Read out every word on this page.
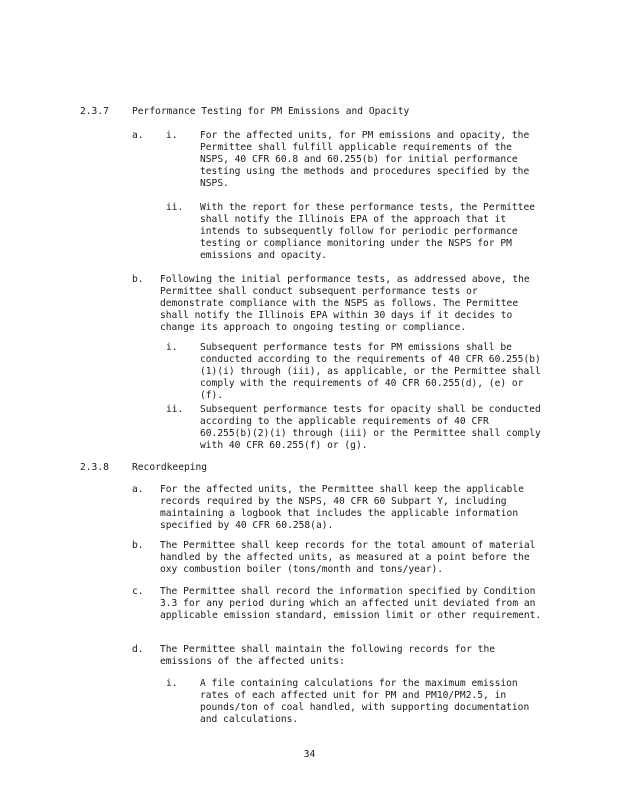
2.3.7 Performance Testing for PM Emissions and Opacity
a. i. For the affected units, for PM emissions and opacity, the Permittee shall fulfill applicable requirements of the NSPS, 40 CFR 60.8 and 60.255(b) for initial performance testing using the methods and procedures specified by the NSPS.
ii. With the report for these performance tests, the Permittee shall notify the Illinois EPA of the approach that it intends to subsequently follow for periodic performance testing or compliance monitoring under the NSPS for PM emissions and opacity.
b. Following the initial performance tests, as addressed above, the Permittee shall conduct subsequent performance tests or demonstrate compliance with the NSPS as follows. The Permittee shall notify the Illinois EPA within 30 days if it decides to change its approach to ongoing testing or compliance.
i. Subsequent performance tests for PM emissions shall be conducted according to the requirements of 40 CFR 60.255(b)(1)(i) through (iii), as applicable, or the Permittee shall comply with the requirements of 40 CFR 60.255(d), (e) or (f).
ii. Subsequent performance tests for opacity shall be conducted according to the applicable requirements of 40 CFR 60.255(b)(2)(i) through (iii) or the Permittee shall comply with 40 CFR 60.255(f) or (g).
2.3.8 Recordkeeping
a. For the affected units, the Permittee shall keep the applicable records required by the NSPS, 40 CFR 60 Subpart Y, including maintaining a logbook that includes the applicable information specified by 40 CFR 60.258(a).
b. The Permittee shall keep records for the total amount of material handled by the affected units, as measured at a point before the oxy combustion boiler (tons/month and tons/year).
c. The Permittee shall record the information specified by Condition 3.3 for any period during which an affected unit deviated from an applicable emission standard, emission limit or other requirement.
d. The Permittee shall maintain the following records for the emissions of the affected units:
i. A file containing calculations for the maximum emission rates of each affected unit for PM and PM10/PM2.5, in pounds/ton of coal handled, with supporting documentation and calculations.
34
